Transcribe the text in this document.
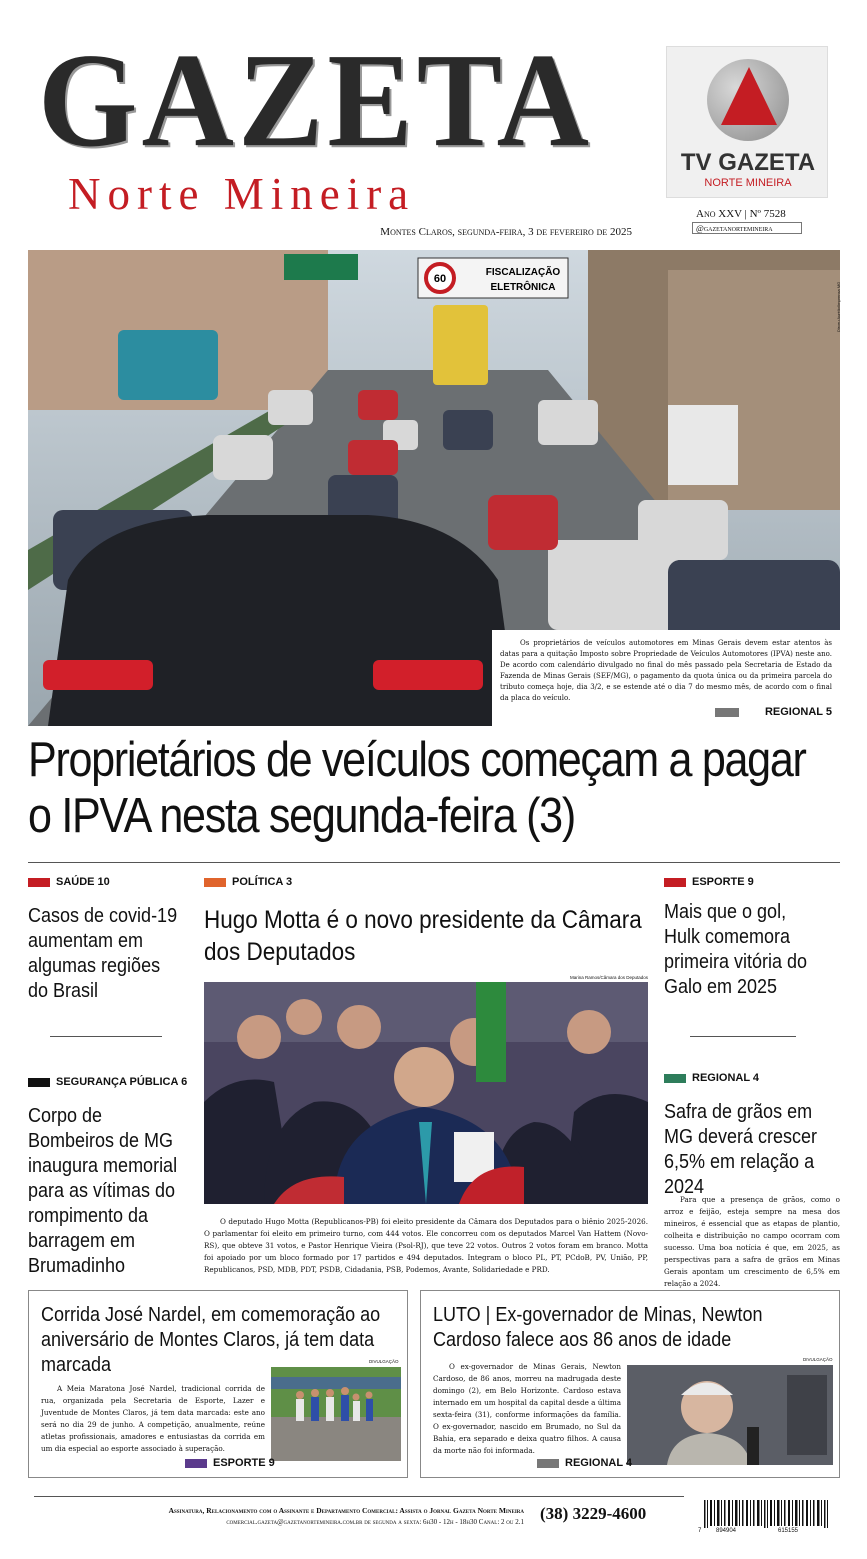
GAZETA
Norte Mineira
Montes Claros, segunda-feira, 3 de fevereiro de 2025
TV GAZETA
NORTE MINEIRA
Ano XXV | Nº 7528
@gazetanortemineira
60
FISCALIZAÇÃO
ELETRÔNICA	Dirceu Aurélio/Imprensa MG
Os proprietários de veículos automotores em Minas Gerais devem estar atentos às datas para a quitação Imposto sobre Propriedade de Veículos Automotores (IPVA) neste ano. De acordo com calendário divulgado no final do mês passado pela Secretaria de Estado da Fazenda de Minas Gerais (SEF/MG), o pagamento da quota única ou da primeira parcela do tributo começa hoje, dia 3/2, e se estende até o dia 7 do mesmo mês, de acordo com o final da placa do veículo.
REGIONAL 5
Proprietários de veículos começam a pagar o IPVA nesta segunda-feira (3)
SAÚDE 10
Casos de covid-19 aumentam em algumas regiões do Brasil
SEGURANÇA PÚBLICA 6
Corpo de Bombeiros de MG inaugura memorial para as vítimas do rompimento da barragem em Brumadinho
POLÍTICA 3
Hugo Motta é o novo presidente da Câmara dos Deputados
Marina Ramos/Câmara dos Deputados
O deputado Hugo Motta (Republicanos-PB) foi eleito presidente da Câmara dos Deputados para o biênio 2025-2026. O parlamentar foi eleito em primeiro turno, com 444 votos. Ele concorreu com os deputados Marcel Van Hattem (Novo-RS), que obteve 31 votos, e Pastor Henrique Vieira (Psol-RJ), que teve 22 votos. Outros 2 votos foram em branco. Motta foi apoiado por um bloco formado por 17 partidos e 494 deputados. Integram o bloco PL, PT, PCdoB, PV, União, PP, Republicanos, PSD, MDB, PDT, PSDB, Cidadania, PSB, Podemos, Avante, Solidariedade e PRD.
ESPORTE 9
Mais que o gol, Hulk comemora primeira vitória do Galo em 2025
REGIONAL 4
Safra de grãos em MG deverá crescer 6,5% em relação a 2024
Para que a presença de grãos, como o arroz e feijão, esteja sempre na mesa dos mineiros, é essencial que as etapas de plantio, colheita e distribuição no campo ocorram com sucesso. Uma boa notícia é que, em 2025, as perspectivas para a safra de grãos em Minas Gerais apontam um crescimento de 6,5% em relação a 2024.
Corrida José Nardel, em comemoração ao aniversário de Montes Claros, já tem data marcada	DIVULGAÇÃO
A Meia Maratona José Nardel, tradicional corrida de rua, organizada pela Secretaria de Esporte, Lazer e Juventude de Montes Claros, já tem data marcada: este ano será no dia 29 de junho. A competição, anualmente, reúne atletas profissionais, amadores e entusiastas da corrida em um dia especial ao esporte associado à superação.
ESPORTE 9
LUTO | Ex-governador de Minas, Newton Cardoso falece aos 86 anos de idade
DIVULGAÇÃO
O ex-governador de Minas Gerais, Newton Cardoso, de 86 anos, morreu na madrugada deste domingo (2), em Belo Horizonte. Cardoso estava internado em um hospital da capital desde a última sexta-feira (31), conforme informações da família. O ex-governador, nascido em Brumado, no Sul da Bahia, era separado e deixa quatro filhos. A causa da morte não foi informada.
REGIONAL 4
Assinatura, Relacionamento com o Assinante e Departamento Comercial: Assista o Jornal Gazeta Norte Mineira
comercial.gazeta@gazetanortemineira.com.br de segunda a sexta: 6h30 - 12h - 18h30 Canal: 2 ou 2.1 (38) 3229-4600
7 894904	615155
